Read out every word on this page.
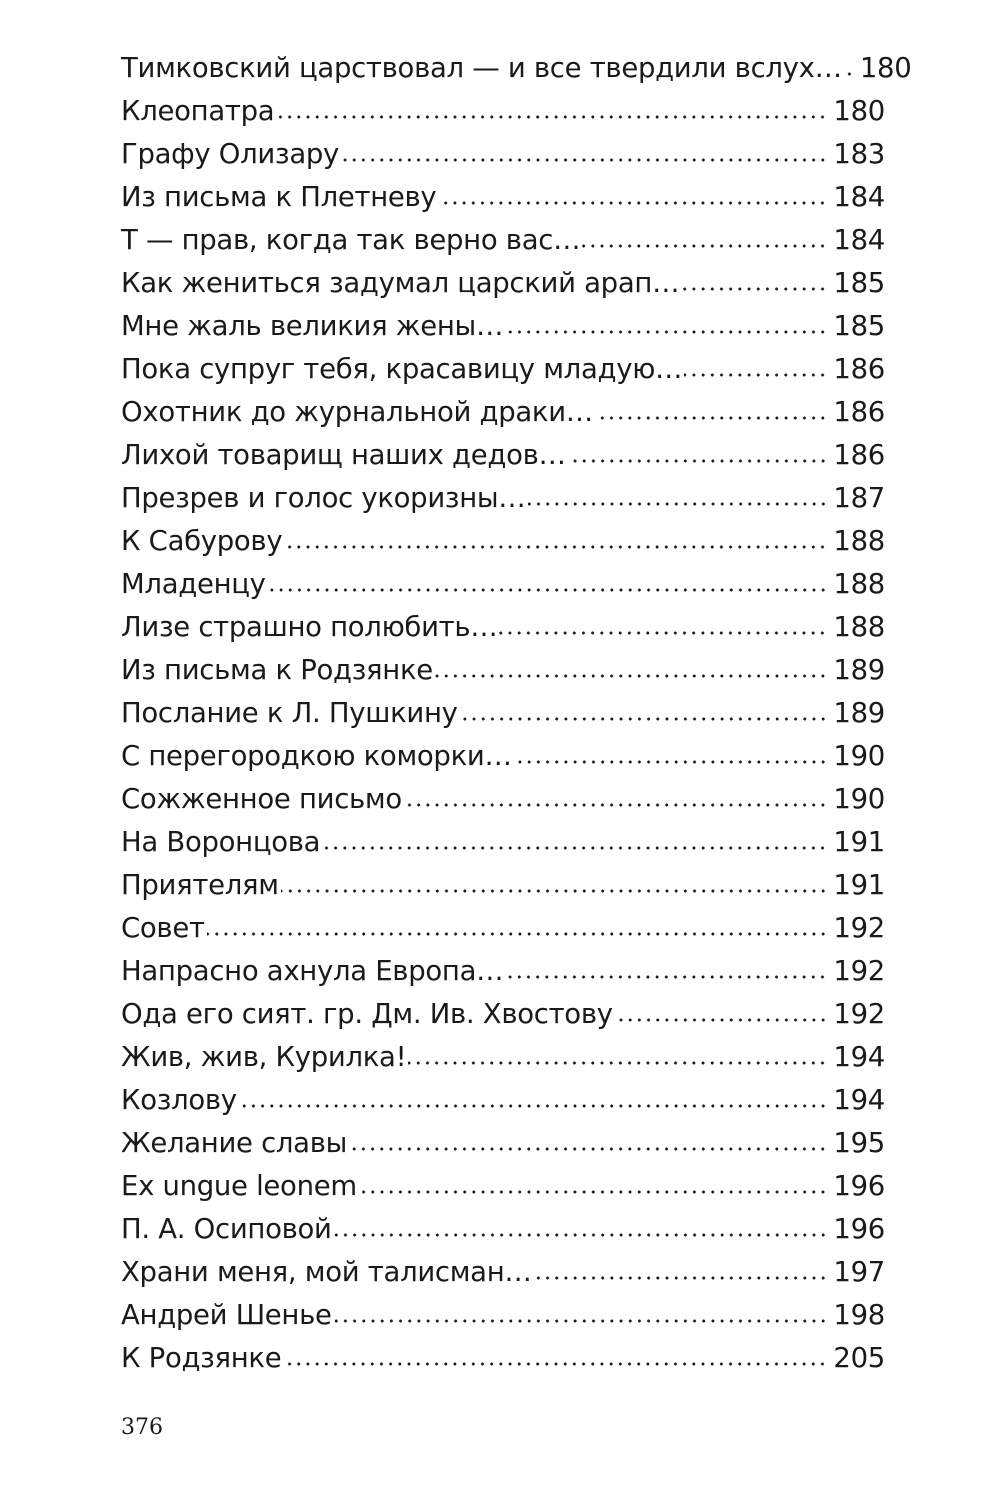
Тимковский царствовал — и все твердили вслух… 180
Клеопатра	180
Графу Олизару	183
Из письма к Плетневу	184
Т — прав, когда так верно вас…	184
Как жениться задумал царский арап…	185
Мне жаль великия жены…	185
Пока супруг тебя, красавицу младую…	186
Охотник до журнальной драки…	186
Лихой товарищ наших дедов…	186
Презрев и голос укоризны…	187
К Сабурову	188
Младенцу	188
Лизе страшно полюбить…	188
Из письма к Родзянке	189
Послание к Л. Пушкину	189
С перегородкою коморки…	190
Сожженное письмо	190
На Воронцова	191
Приятелям	191
Совет	192
Напрасно ахнула Европа…	192
Ода его сият. гр. Дм. Ив. Хвостову	192
Жив, жив, Курилка!	194
Козлову	194
Желание славы	195
Ex ungue leonem	196
П. А. Осиповой	196
Храни меня, мой талисман…	197
Андрей Шенье	198
К Родзянке	205
376
